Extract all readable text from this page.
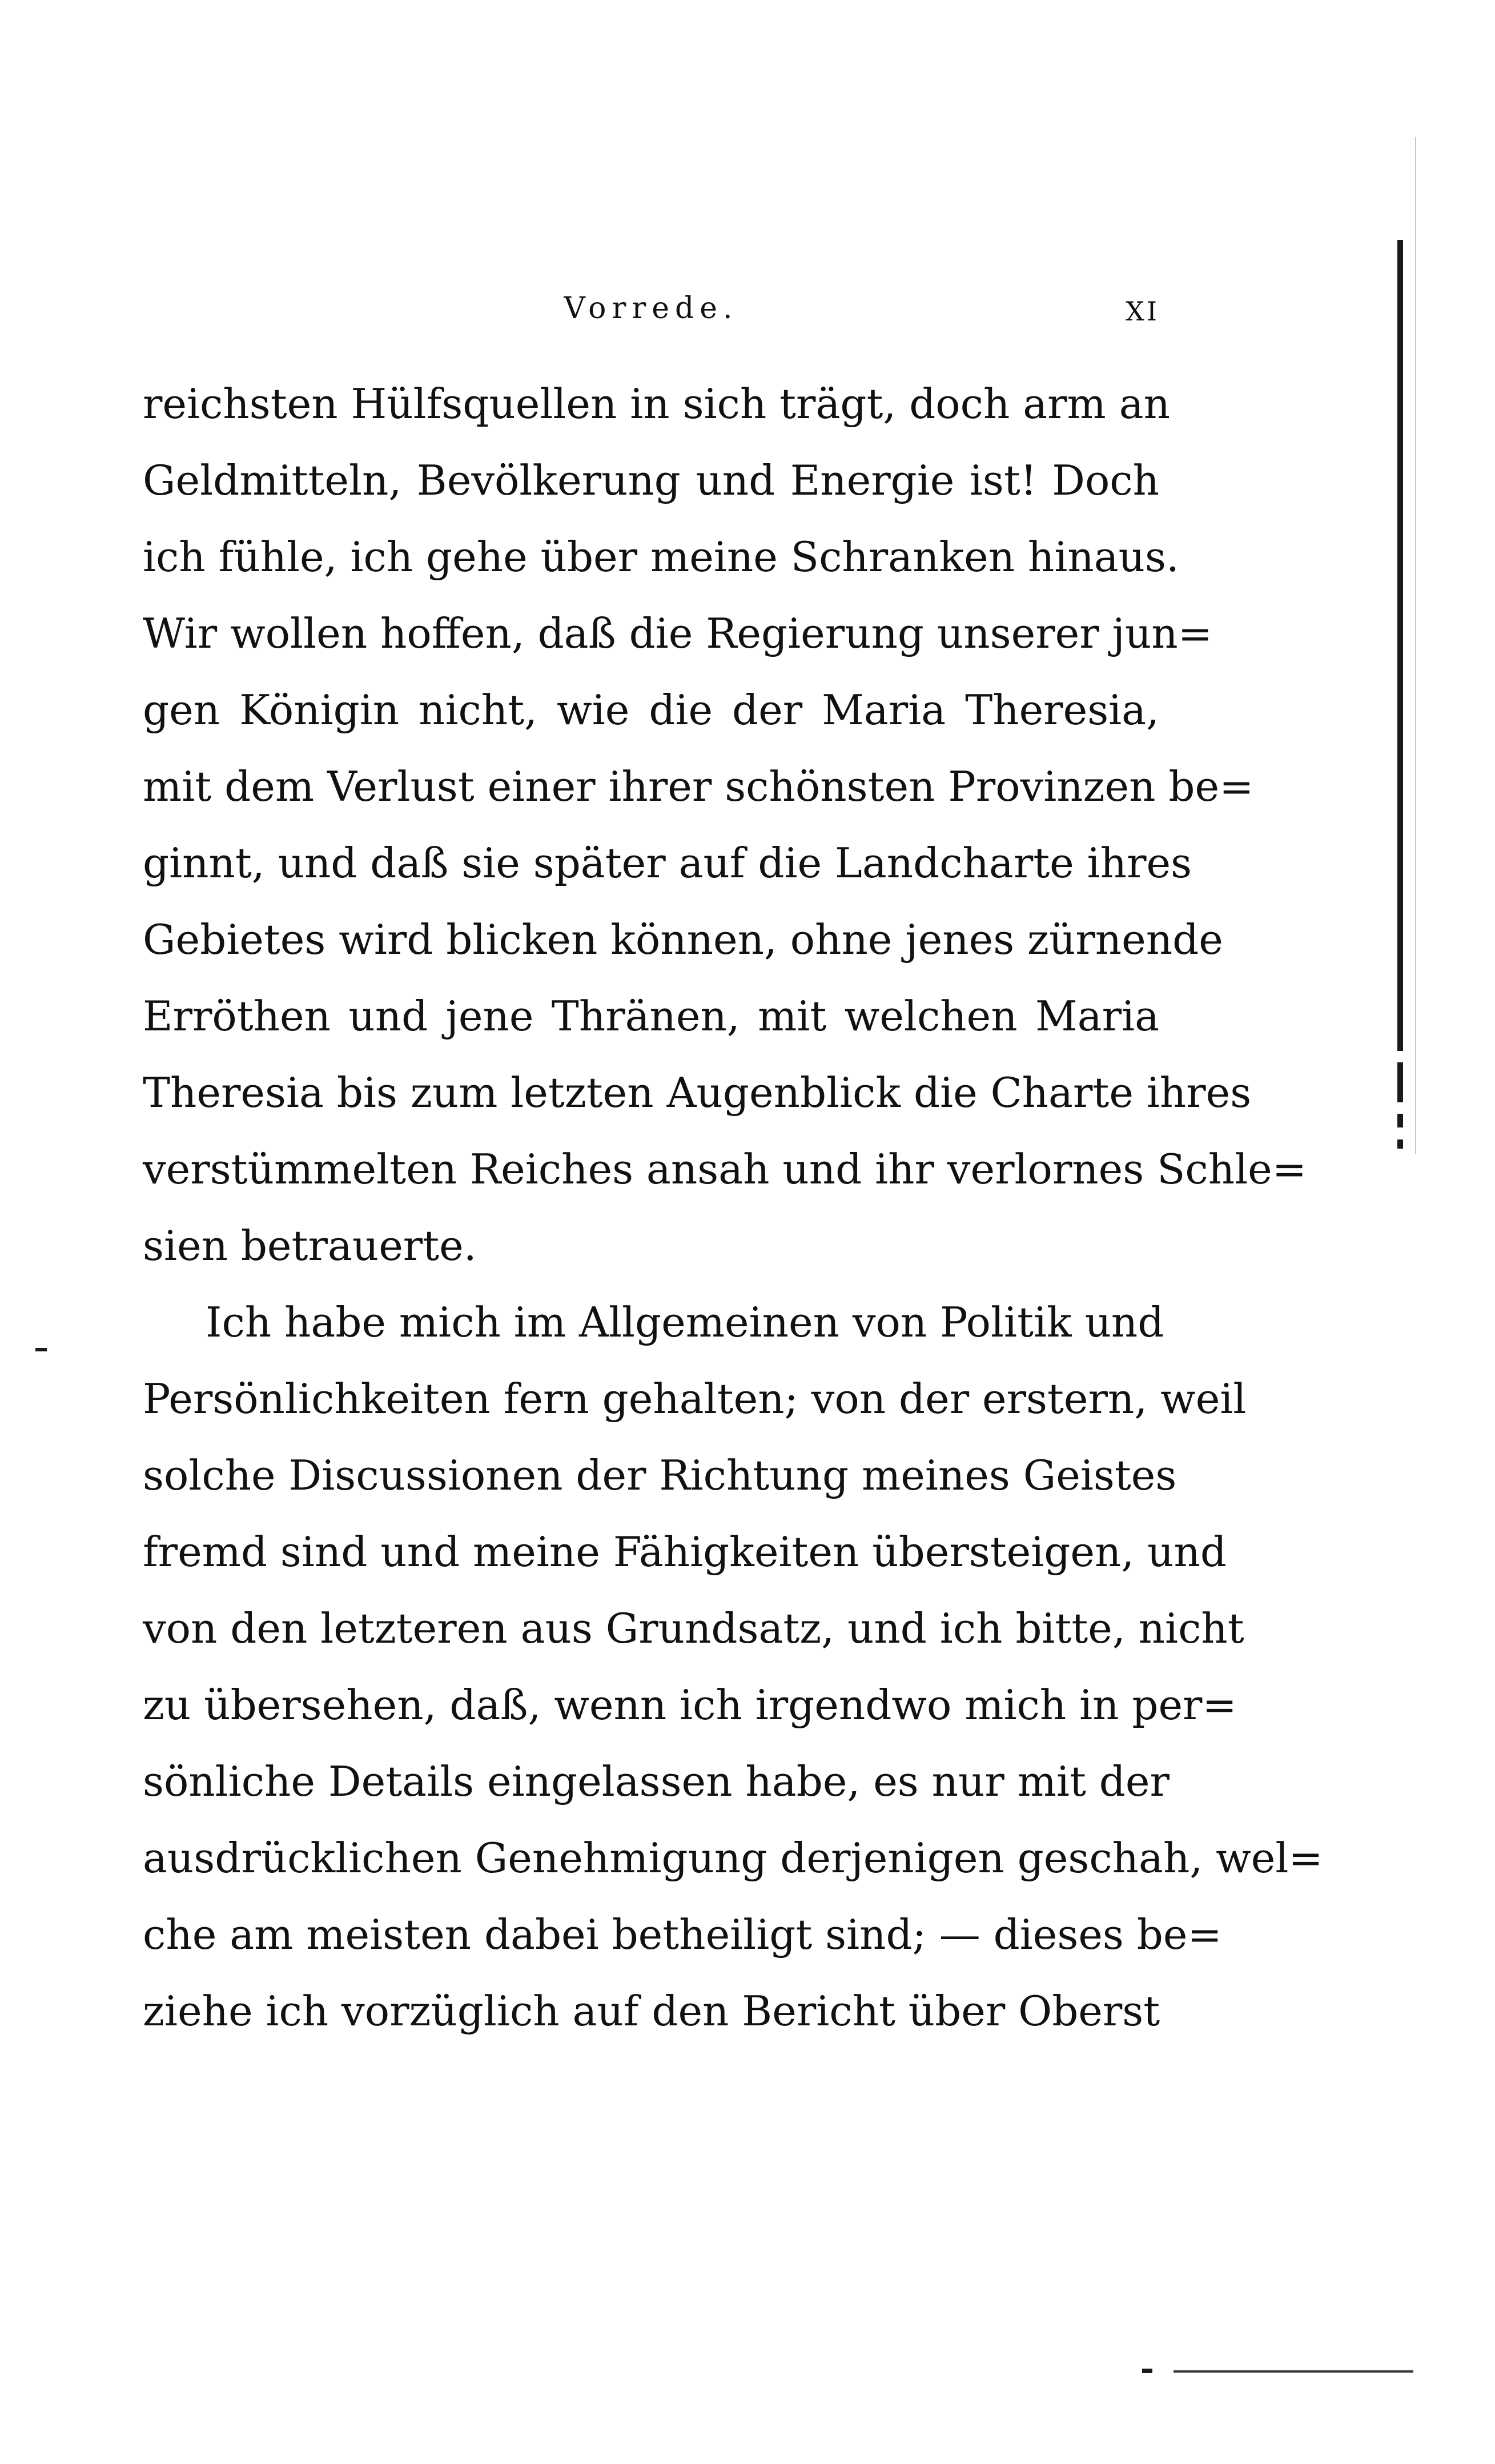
Vorrede.	XI
reichsten Hülfsquellen in sich trägt, doch arm an
Geldmitteln, Bevölkerung und Energie ist! Doch
ich fühle, ich gehe über meine Schranken hinaus.
Wir wollen hoffen, daß die Regierung unserer jun=
gen Königin nicht, wie die der Maria Theresia,
mit dem Verlust einer ihrer schönsten Provinzen be=
ginnt, und daß sie später auf die Landcharte ihres
Gebietes wird blicken können, ohne jenes zürnende
Erröthen und jene Thränen, mit welchen Maria
Theresia bis zum letzten Augenblick die Charte ihres
verstümmelten Reiches ansah und ihr verlornes Schle=
sien betrauerte.
Ich habe mich im Allgemeinen von Politik und
Persönlichkeiten fern gehalten; von der erstern, weil
solche Discussionen der Richtung meines Geistes
fremd sind und meine Fähigkeiten übersteigen, und
von den letzteren aus Grundsatz, und ich bitte, nicht
zu übersehen, daß, wenn ich irgendwo mich in per=
sönliche Details eingelassen habe, es nur mit der
ausdrücklichen Genehmigung derjenigen geschah, wel=
che am meisten dabei betheiligt sind; — dieses be=
ziehe ich vorzüglich auf den Bericht über Oberst
